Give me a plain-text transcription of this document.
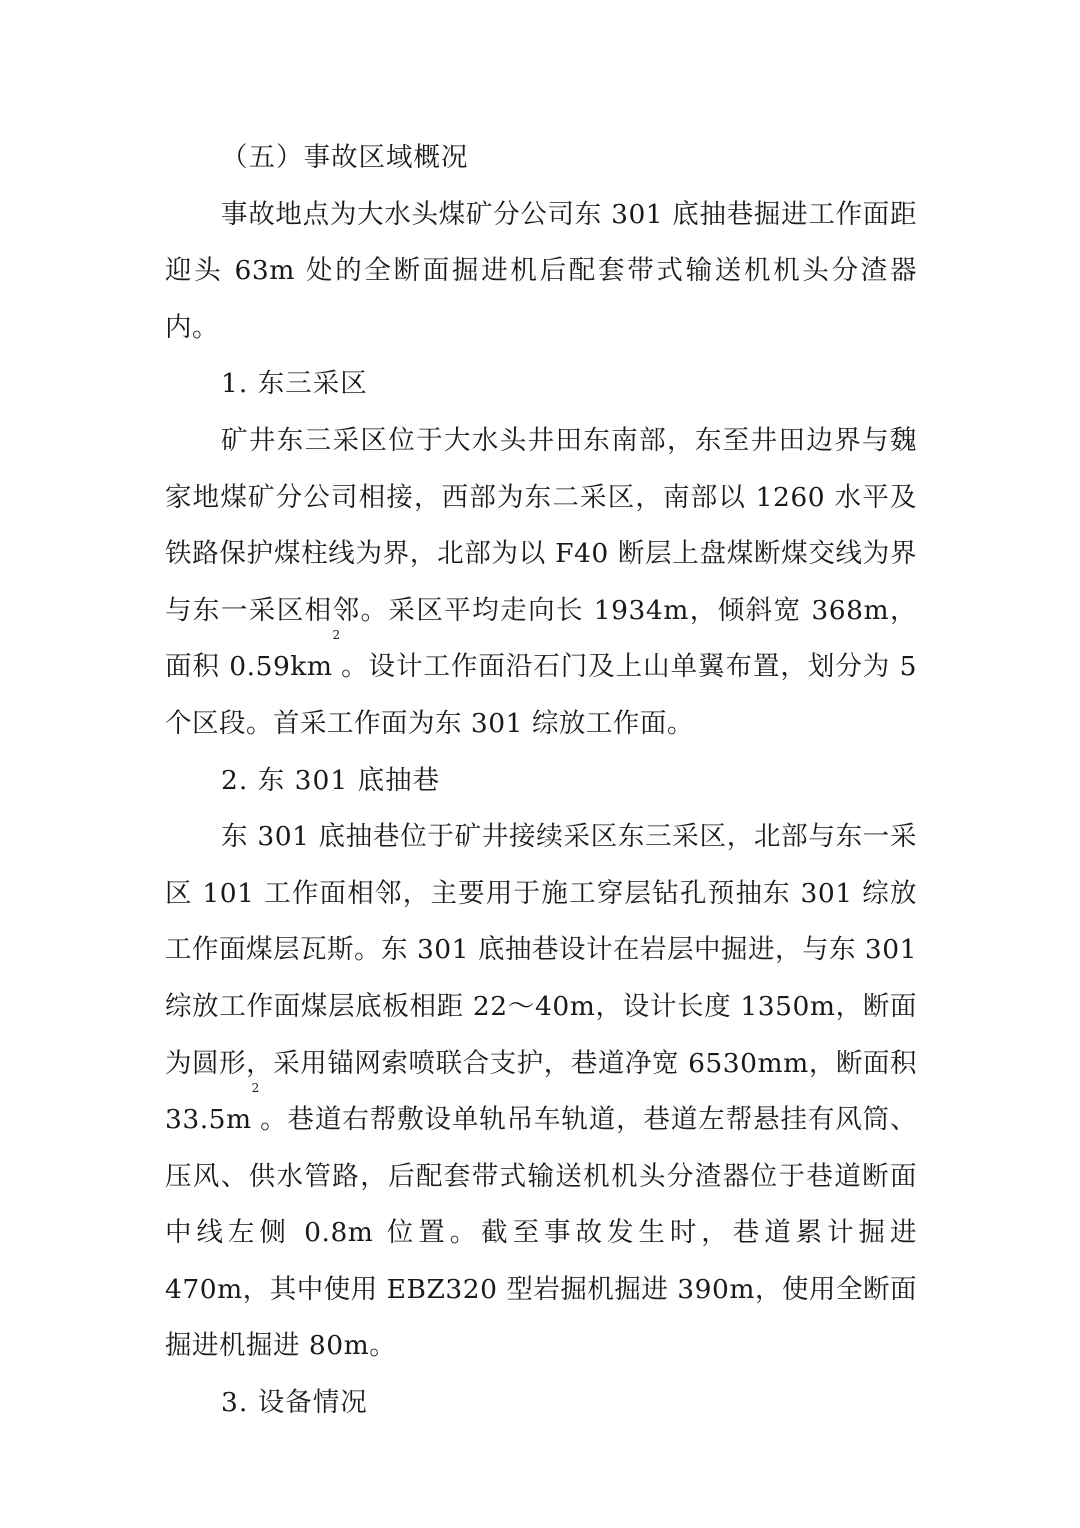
（五）事故区域概况

事故地点为大水头煤矿分公司东 301 底抽巷掘进工作面距迎头 63m 处的全断面掘进机后配套带式输送机机头分渣器内。

1. 东三采区

矿井东三采区位于大水头井田东南部，东至井田边界与魏家地煤矿分公司相接，西部为东二采区，南部以 1260 水平及铁路保护煤柱线为界，北部为以 F40 断层上盘煤断煤交线为界与东一采区相邻。采区平均走向长 1934m，倾斜宽 368m，面积 $0.59km^2$。设计工作面沿石门及上山单翼布置，划分为 5 个区段。首采工作面为东 301 综放工作面。

2. 东 301 底抽巷

东 301 底抽巷位于矿井接续采区东三采区，北部与东一采区 101 工作面相邻，主要用于施工穿层钻孔预抽东 301 综放工作面煤层瓦斯。东 301 底抽巷设计在岩层中掘进，与东 301 综放工作面煤层底板相距 22～40m，设计长度 1350m，断面为圆形，采用锚网索喷联合支护，巷道净宽 6530mm，断面积 $33.5m^2$。巷道右帮敷设单轨吊车轨道，巷道左帮悬挂有风筒、压风、供水管路，后配套带式输送机机头分渣器位于巷道断面中线左侧 0.8m 位置。截至事故发生时，巷道累计掘进 470m，其中使用 EBZ320 型岩掘机掘进 390m，使用全断面掘进机掘进 80m。

3. 设备情况
